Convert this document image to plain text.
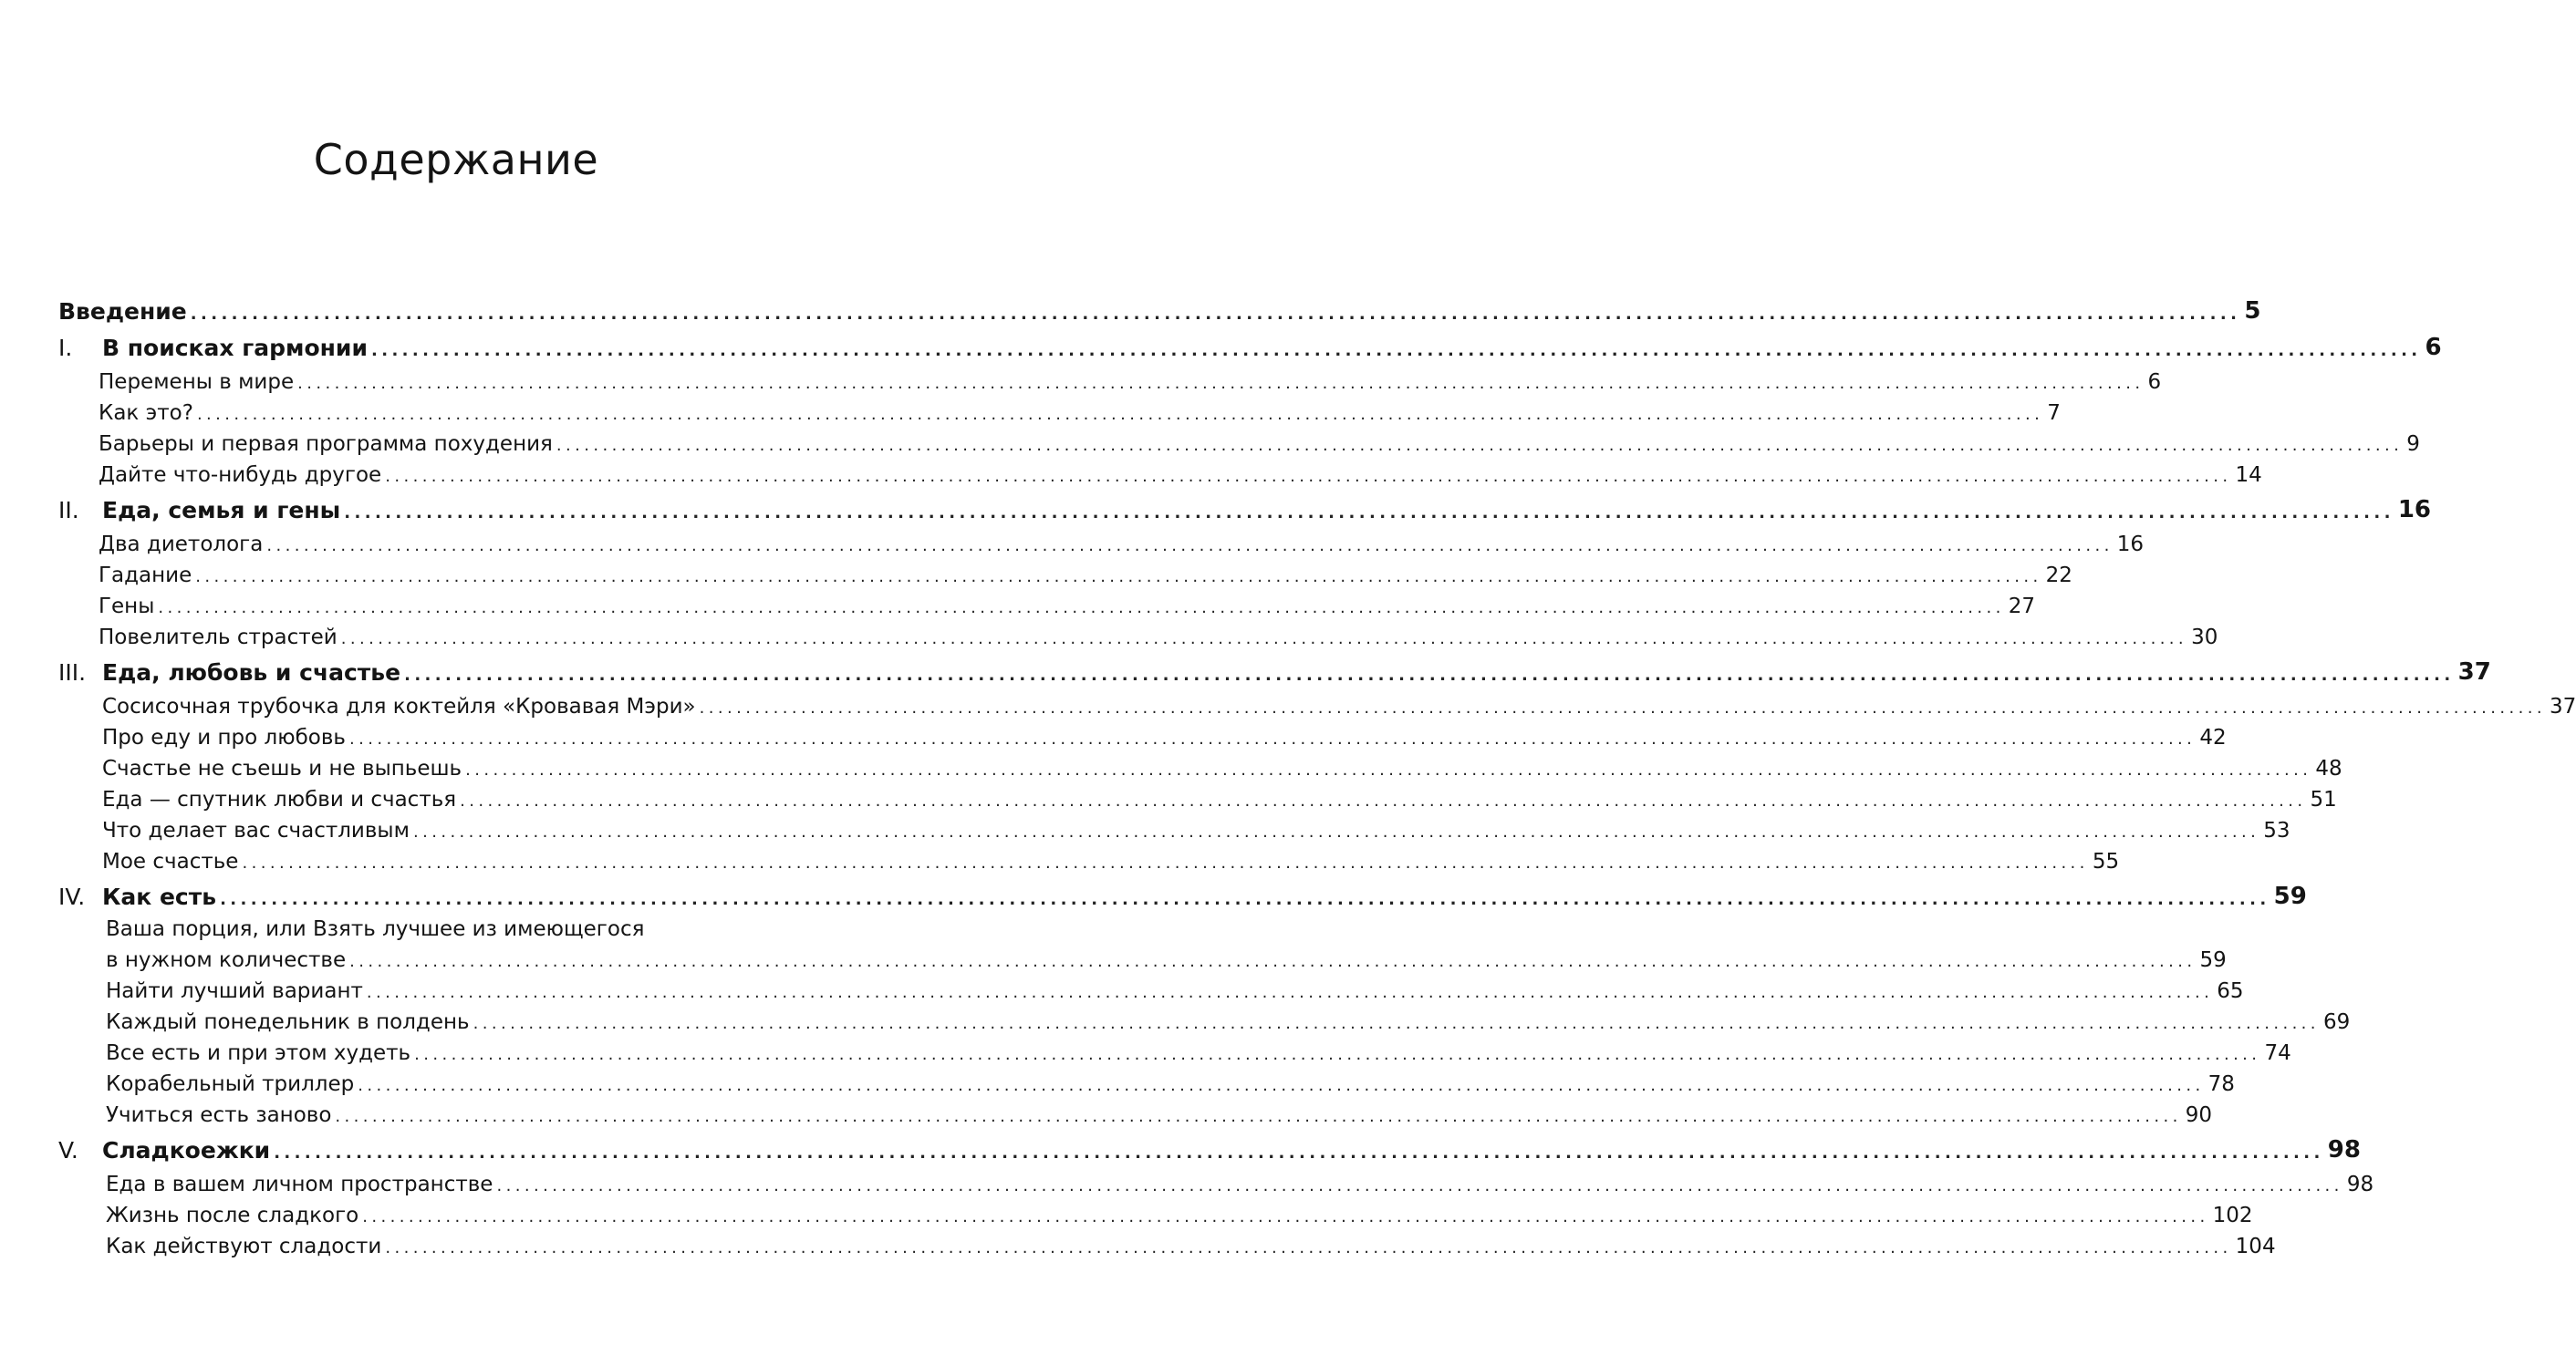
Содержание
Введение ........................................................................................................................................................................................................ 5
I. В поисках гармонии ........................................................................................................................................................................................................ 6
Перемены в мире ........................................................................................................................................................................................................ 6
Как это? ........................................................................................................................................................................................................ 7
Барьеры и первая программа похудения ........................................................................................................................................................................................................ 9
Дайте что-нибудь другое ........................................................................................................................................................................................................ 14
II. Еда, семья и гены ........................................................................................................................................................................................................ 16
Два диетолога ........................................................................................................................................................................................................ 16
Гадание ........................................................................................................................................................................................................ 22
Гены ........................................................................................................................................................................................................ 27
Повелитель страстей ........................................................................................................................................................................................................ 30
III. Еда, любовь и счастье ........................................................................................................................................................................................................ 37
Сосисочная трубочка для коктейля «Кровавая Мэри» ........................................................................................................................................................................................................ 37
Про еду и про любовь ........................................................................................................................................................................................................ 42
Счастье не съешь и не выпьешь ........................................................................................................................................................................................................ 48
Еда — спутник любви и счастья ........................................................................................................................................................................................................ 51
Что делает вас счастливым ........................................................................................................................................................................................................ 53
Мое счастье ........................................................................................................................................................................................................ 55
IV. Как есть ........................................................................................................................................................................................................ 59
Ваша порция, или Взять лучшее из имеющегося
в нужном количестве ........................................................................................................................................................................................................ 59
Найти лучший вариант ........................................................................................................................................................................................................ 65
Каждый понедельник в полдень ........................................................................................................................................................................................................ 69
Все есть и при этом худеть ........................................................................................................................................................................................................ 74
Корабельный триллер ........................................................................................................................................................................................................ 78
Учиться есть заново ........................................................................................................................................................................................................ 90
V. Сладкоежки ........................................................................................................................................................................................................ 98
Еда в вашем личном пространстве ........................................................................................................................................................................................................ 98
Жизнь после сладкого ........................................................................................................................................................................................................ 102
Как действуют сладости ........................................................................................................................................................................................................ 104
